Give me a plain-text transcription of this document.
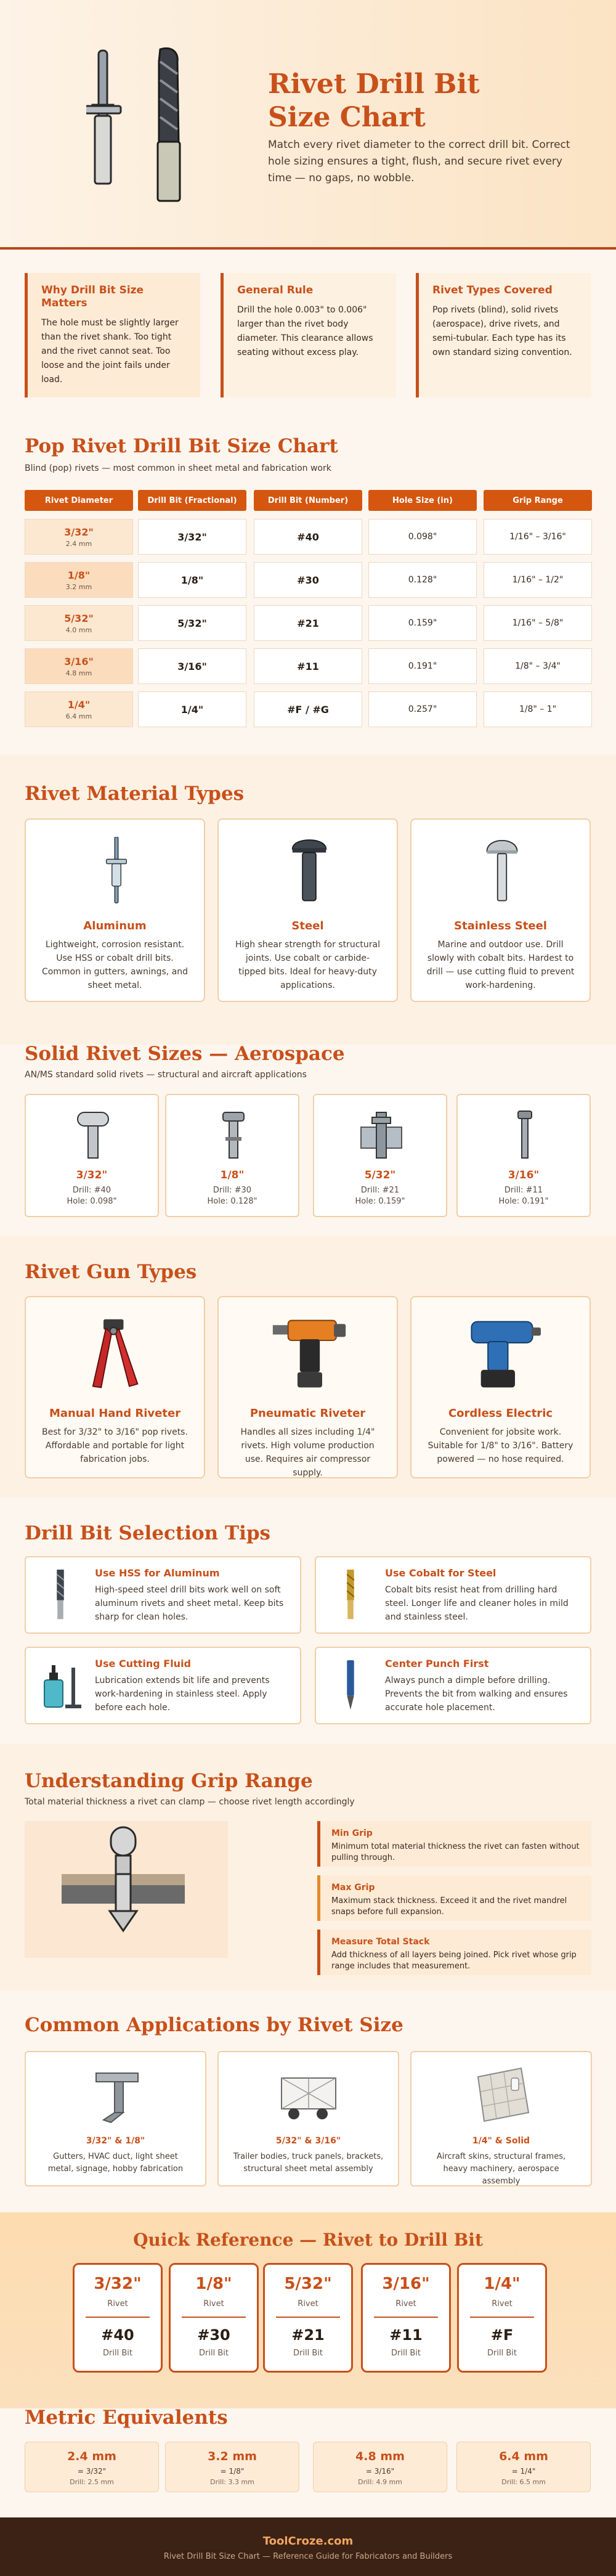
Rivet Drill Bit
Size Chart
Match every rivet diameter to the correct drill bit. Correct hole sizing ensures a tight, flush, and secure rivet every time — no gaps, no wobble.
Why Drill Bit Size Matters

The hole must be slightly larger than the rivet shank. Too tight and the rivet cannot seat. Too loose and the joint fails under load.

General Rule

Drill the hole 0.003" to 0.006" larger than the rivet body diameter. This clearance allows seating without excess play.

Rivet Types Covered

Pop rivets (blind), solid rivets (aerospace), drive rivets, and semi-tubular. Each type has its own standard sizing convention.

Pop Rivet Drill Bit Size Chart
Blind (pop) rivets — most common in sheet metal and fabrication work
Rivet Diameter	Drill Bit (Fractional)	Drill Bit (Number)	Hole Size (in)	Grip Range
3/32"
2.4 mm
3/32"	#40	0.098"	1/16" – 3/16"
1/8"
3.2 mm
1/8"	#30	0.128"	1/16" – 1/2"
5/32"
4.0 mm
5/32"	#21	0.159"	1/16" – 5/8"
3/16"
4.8 mm
3/16"	#11	0.191"	1/8" – 3/4"
1/4"
6.4 mm
1/4"	#F / #G	0.257"	1/8" – 1"
Rivet Material Types
Aluminum

Lightweight, corrosion resistant. Use HSS or cobalt drill bits. Common in gutters, awnings, and sheet metal.

Steel

High shear strength for structural joints. Use cobalt or carbide-tipped bits. Ideal for heavy-duty applications.

Stainless Steel

Marine and outdoor use. Drill slowly with cobalt bits. Hardest to drill — use cutting fluid to prevent work-hardening.

Solid Rivet Sizes — Aerospace
AN/MS standard solid rivets — structural and aircraft applications
3/32"
Drill: #40
Hole: 0.098"
1/8"
Drill: #30
Hole: 0.128"
5/32"
Drill: #21
Hole: 0.159"
3/16"
Drill: #11
Hole: 0.191"
Rivet Gun Types
Manual Hand Riveter

Best for 3/32" to 3/16" pop rivets. Affordable and portable for light fabrication jobs.

Pneumatic Riveter

Handles all sizes including 1/4" rivets. High volume production use. Requires air compressor supply.

Cordless Electric

Convenient for jobsite work. Suitable for 1/8" to 3/16". Battery powered — no hose required.

Drill Bit Selection Tips
Use HSS for Aluminum

High-speed steel drill bits work well on soft aluminum rivets and sheet metal. Keep bits sharp for clean holes.

Use Cobalt for Steel

Cobalt bits resist heat from drilling hard steel. Longer life and cleaner holes in mild and stainless steel.

Use Cutting Fluid

Lubrication extends bit life and prevents work-hardening in stainless steel. Apply before each hole.

Center Punch First

Always punch a dimple before drilling. Prevents the bit from walking and ensures accurate hole placement.

Understanding Grip Range
Total material thickness a rivet can clamp — choose rivet length accordingly
Min Grip

Minimum total material thickness the rivet can fasten without pulling through.

Max Grip

Maximum stack thickness. Exceed it and the rivet mandrel snaps before full expansion.

Measure Total Stack

Add thickness of all layers being joined. Pick rivet whose grip range includes that measurement.

Common Applications by Rivet Size
3/32" & 1/8"

Gutters, HVAC duct, light sheet metal, signage, hobby fabrication

5/32" & 3/16"

Trailer bodies, truck panels, brackets, structural sheet metal assembly

1/4" & Solid

Aircraft skins, structural frames, heavy machinery, aerospace assembly

Quick Reference — Rivet to Drill Bit
3/32"
Rivet
#40
Drill Bit
1/8"
Rivet
#30
Drill Bit
5/32"
Rivet
#21
Drill Bit
3/16"
Rivet
#11
Drill Bit
1/4"
Rivet
#F
Drill Bit
Metric Equivalents
2.4 mm
= 3/32"
Drill: 2.5 mm
3.2 mm
= 1/8"
Drill: 3.3 mm
4.8 mm
= 3/16"
Drill: 4.9 mm
6.4 mm
= 1/4"
Drill: 6.5 mm
ToolCroze.com
Rivet Drill Bit Size Chart — Reference Guide for Fabricators and Builders
